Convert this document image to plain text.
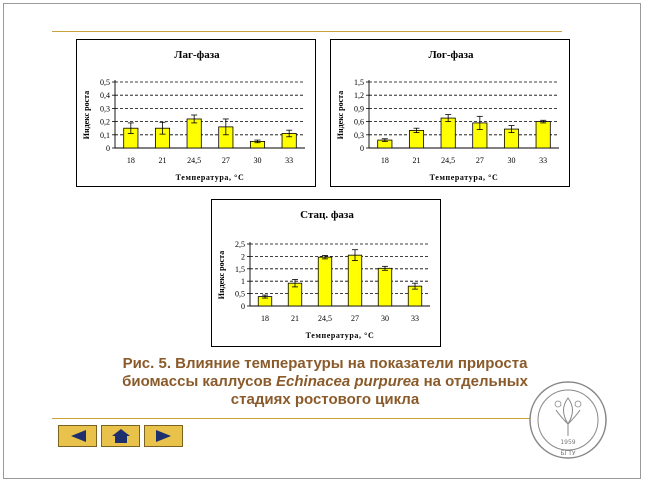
Лаг-фаза
0
0,1
0,2
0,3
0,4
0,5
18	21	24,5	27	30	33
Температура, °С
Индекс роста
Лог-фаза
0
0,3
0,6
0,9
1,2
1,5
18	21	24,5	27	30	33
Температура, °С
Индекс роста
Стац. фаза
0
0,5
1
1,5
2
2,5
18	21 24,5 27	30	33
Температура, °С
Индекс роста
Рис. 5. Влияние температуры на показатели прироста
биомассы каллусов Echinacea purpurea на отдельных
стадиях ростового цикла
1959
БГТУ
